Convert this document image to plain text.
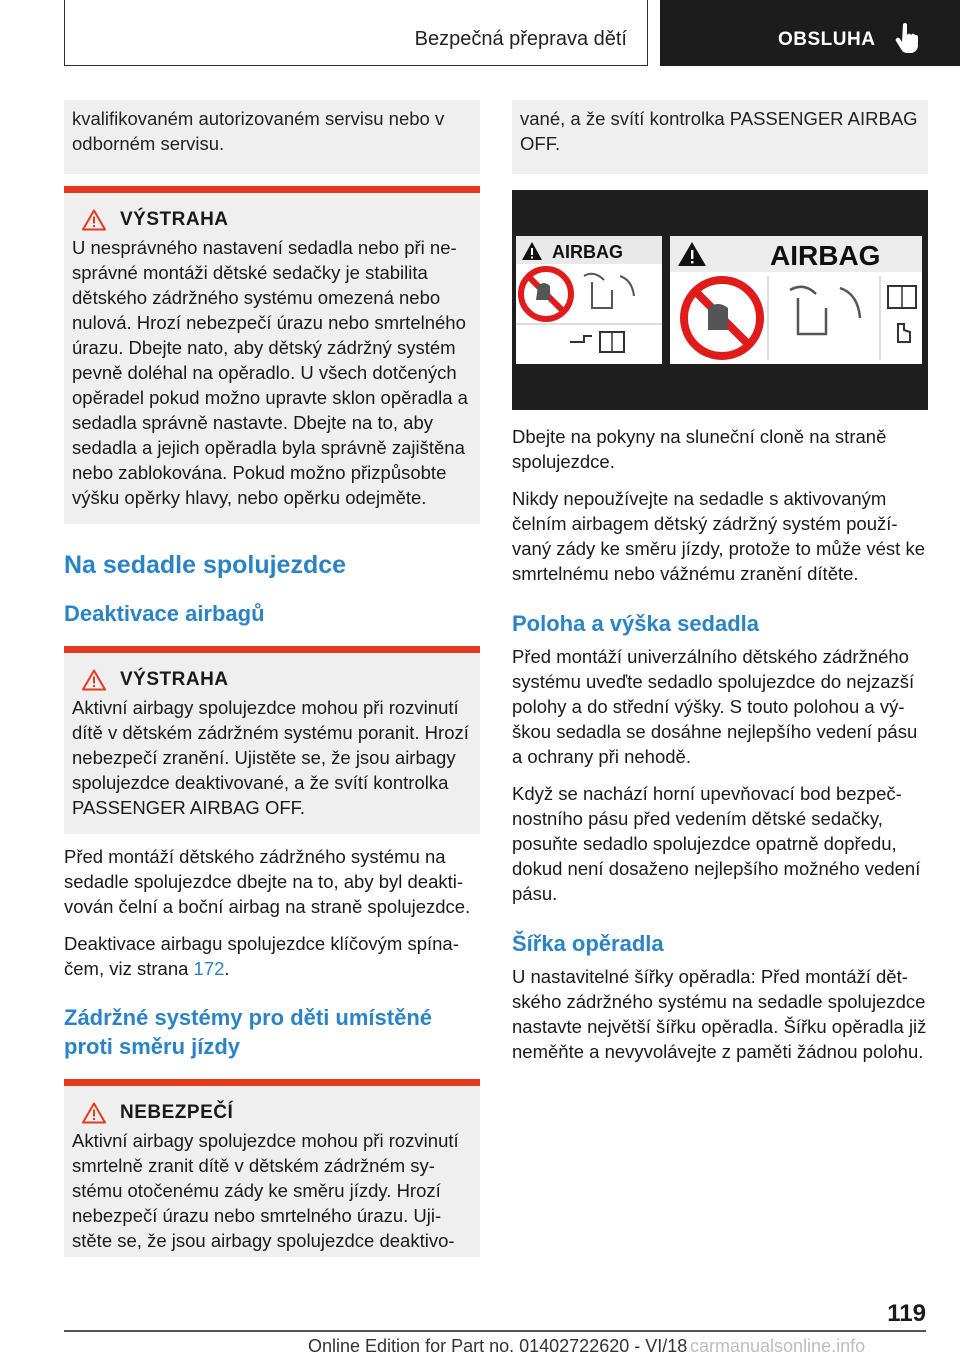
Bezpečná přeprava dětí	OBSLUHA

kvalifikovaném autorizovaném servisu nebo v odborném servisu.

VÝSTRAHA

U nesprávného nastavení sedadla nebo při nesprávné montáži dětské sedačky je stabilita dětského zádržného systému omezená nebo nulová. Hrozí nebezpečí úrazu nebo smrtelného úrazu. Dbejte nato, aby dětský zádržný systém pevně doléhal na opěradlo. U všech dotčených opěradel pokud možno upravte sklon opěradla a sedadla správně nastavte. Dbejte na to, aby sedadla a jejich opěradla byla správně zajištěna nebo zablokována. Pokud možno přizpůsobte výšku opěrky hlavy, nebo opěrku odejměte.

Na sedadle spolujezdce
Deaktivace airbagů
VÝSTRAHA

Aktivní airbagy spolujezdce mohou při rozvinutí dítě v dětském zádržném systému poranit. Hrozí nebezpečí zranění. Ujistěte se, že jsou airbagy spolujezdce deaktivované, a že svítí kontrolka PASSENGER AIRBAG OFF.

Před montáží dětského zádržného systému na sedadle spolujezdce dbejte na to, aby byl deaktivován čelní a boční airbag na straně spolujezdce.

Deaktivace airbagu spolujezdce klíčovým spínačem, viz strana 172.

Zádržné systémy pro děti umístěné proti směru jízdy
NEBEZPEČÍ

Aktivní airbagy spolujezdce mohou při rozvinutí smrtelně zranit dítě v dětském zádržném systému otočenému zády ke směru jízdy. Hrozí nebezpečí úrazu nebo smrtelného úrazu. Ujistěte se, že jsou airbagy spolujezdce deaktivo-

vané, a že svítí kontrolka PASSENGER AIRBAG OFF.

AIRBAG	AIRBAG

Dbejte na pokyny na sluneční cloně na straně spolujezdce.

Nikdy nepoužívejte na sedadle s aktivovaným čelním airbagem dětský zádržný systém používaný zády ke směru jízdy, protože to může vést ke smrtelnému nebo vážnému zranění dítěte.

Poloha a výška sedadla

Před montáží univerzálního dětského zádržného systému uveďte sedadlo spolujezdce do nejzazší polohy a do střední výšky. S touto polohou a výškou sedadla se dosáhne nejlepšího vedení pásu a ochrany při nehodě.

Když se nachází horní upevňovací bod bezpečnostního pásu před vedením dětské sedačky, posuňte sedadlo spolujezdce opatrně dopředu, dokud není dosaženo nejlepšího možného vedení pásu.

Šířka opěradla

U nastavitelné šířky opěradla: Před montáží dětského zádržného systému na sedadle spolujezdce nastavte největší šířku opěradla. Šířku opěradla již neměňte a nevyvolávejte z paměti žádnou polohu.

119
Online Edition for Part no. 01402722620 - VI/18 carmanualsonline.info
